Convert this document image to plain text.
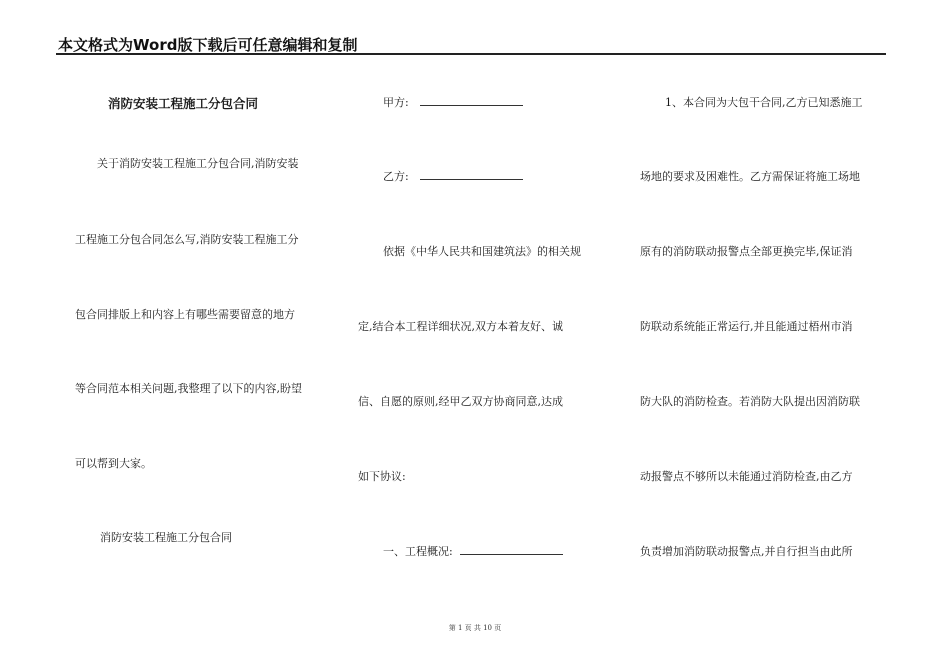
本文格式为Word版下载后可任意编辑和复制
消防安装工程施工分包合同
关于消防安装工程施工分包合同,消防安装
工程施工分包合同怎么写,消防安装工程施工分
包合同排版上和内容上有哪些需要留意的地方
等合同范本相关问题,我整理了以下的内容,盼望
可以帮到大家。
消防安装工程施工分包合同
甲方:
乙方:
依据《中华人民共和国建筑法》的相关规
定,结合本工程详细状况,双方本着友好、诚
信、自愿的原则,经甲乙双方协商同意,达成
如下协议:
一、工程概况:
1、本合同为大包干合同,乙方已知悉施工
场地的要求及困难性。乙方需保证将施工场地
原有的消防联动报警点全部更换完毕,保证消
防联动系统能正常运行,并且能通过梧州市消
防大队的消防检查。若消防大队提出因消防联
动报警点不够所以未能通过消防检查,由乙方
负责增加消防联动报警点,并自行担当由此所
第 1 页 共 10 页
